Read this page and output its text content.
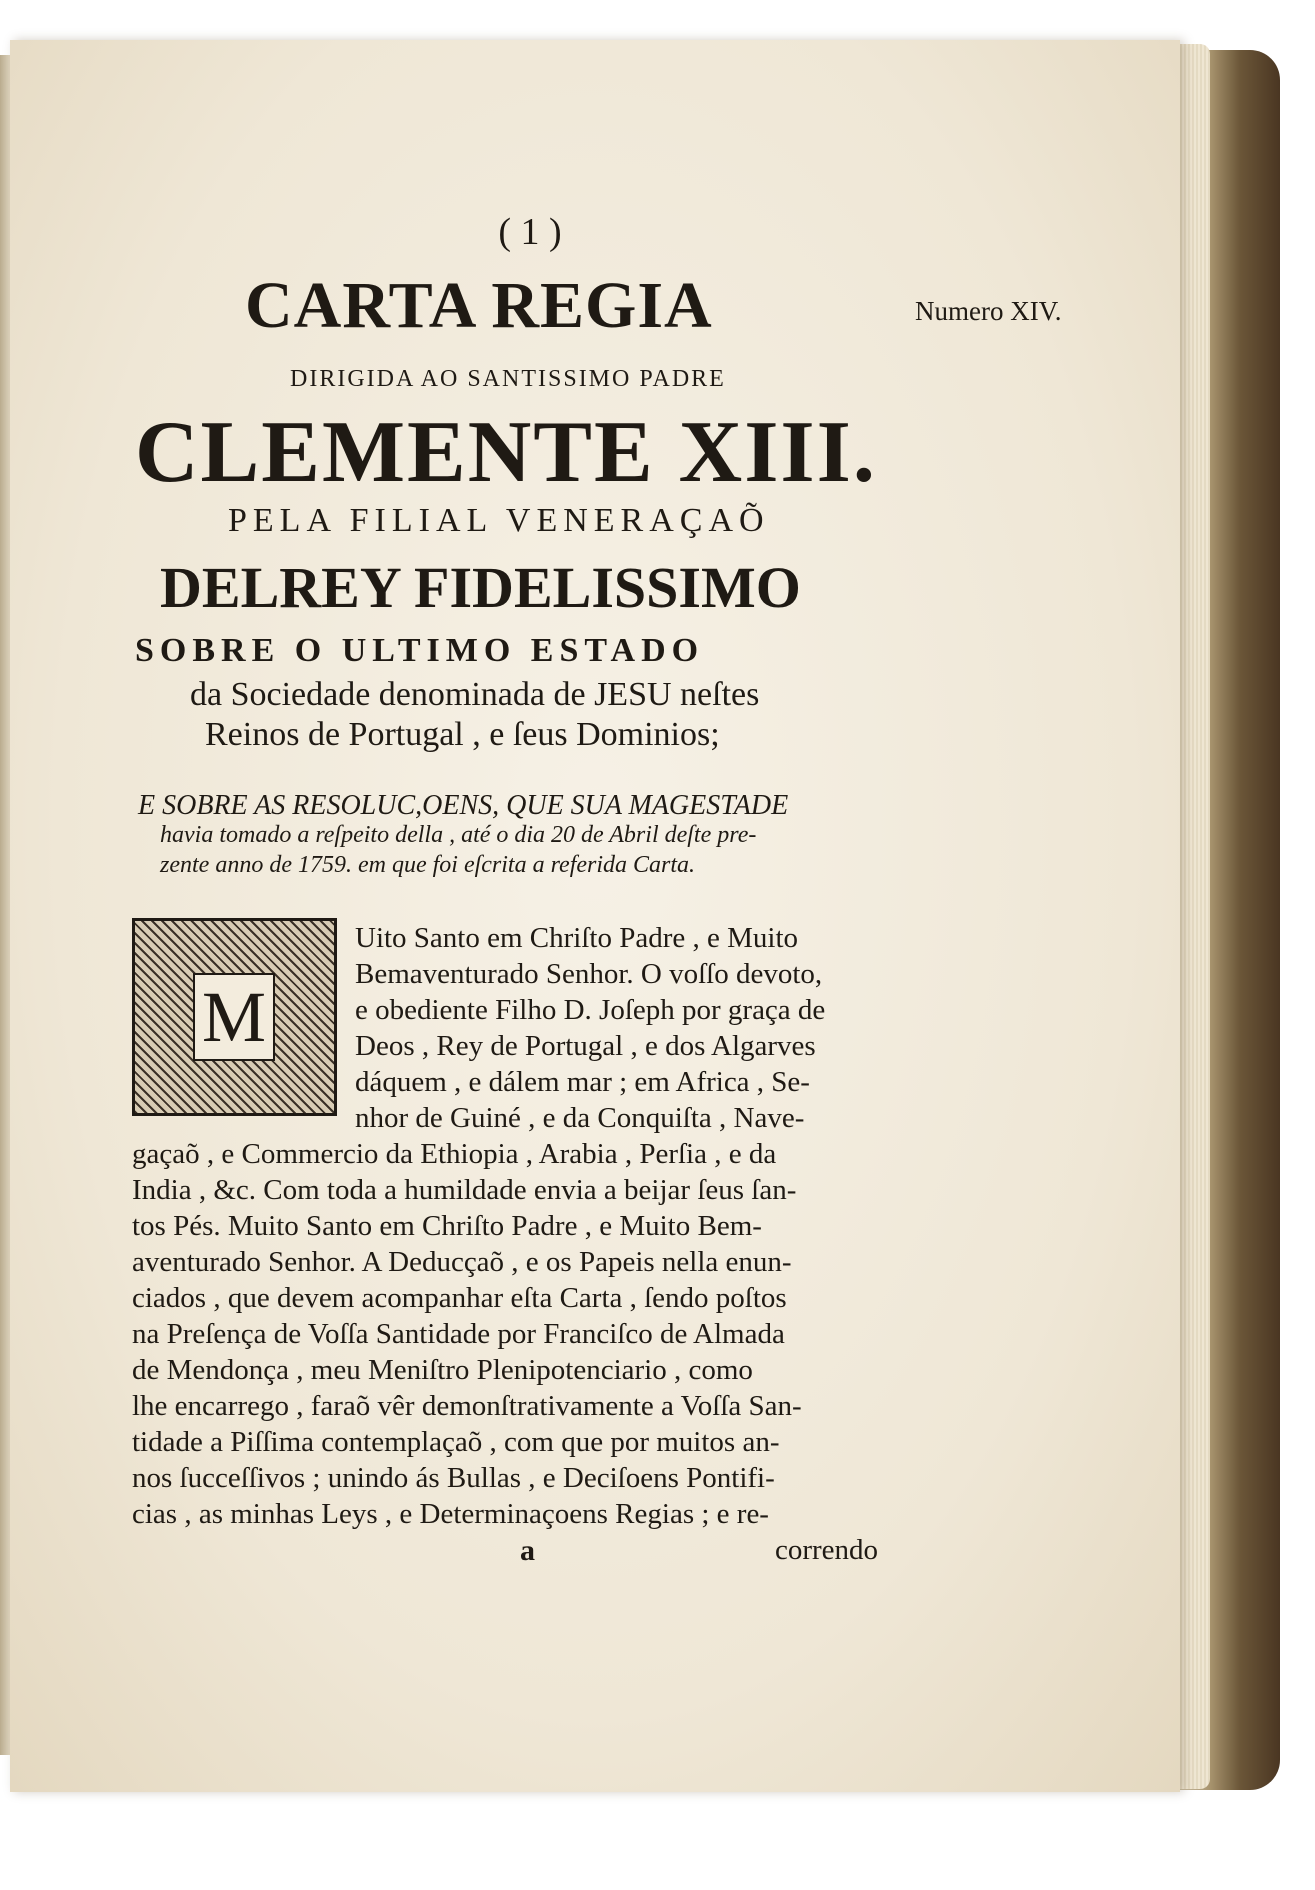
( 1 )
Numero XIV.
CARTA REGIA
DIRIGIDA AO SANTISSIMO PADRE
CLEMENTE XIII.
PELA FILIAL VENERAÇAÕ
DELREY FIDELISSIMO
SOBRE O ULTIMO ESTADO
da Sociedade denominada de JESU neſtes
Reinos de Portugal , e ſeus Dominios;
E SOBRE AS RESOLUC,OENS, QUE SUA MAGESTADE
havia tomado a reſpeito della , até o dia 20 de Abril deſte pre-
zente anno de 1759. em que foi eſcrita a referida Carta.
M
Uito Santo em Chriſto Padre , e Muito
Bemaventurado Senhor. O voſſo devoto,
e obediente Filho D. Joſeph por graça de
Deos , Rey de Portugal , e dos Algarves
dáquem , e dálem mar ; em Africa , Se-
nhor de Guiné , e da Conquiſta , Nave-
gaçaõ , e Commercio da Ethiopia , Arabia , Perſia , e da
India , &c. Com toda a humildade envia a beijar ſeus ſan-
tos Pés. Muito Santo em Chriſto Padre , e Muito Bem-
aventurado Senhor. A Deducçaõ , e os Papeis nella enun-
ciados , que devem acompanhar eſta Carta , ſendo poſtos
na Preſença de Voſſa Santidade por Franciſco de Almada
de Mendonça , meu Meniſtro Plenipotenciario , como
lhe encarrego , faraõ vêr demonſtrativamente a Voſſa San-
tidade a Piſſima contemplaçaõ , com que por muitos an-
nos ſucceſſivos ; unindo ás Bullas , e Deciſoens Pontifi-
cias , as minhas Leys , e Determinaçoens Regias ; e re-
a	correndo
